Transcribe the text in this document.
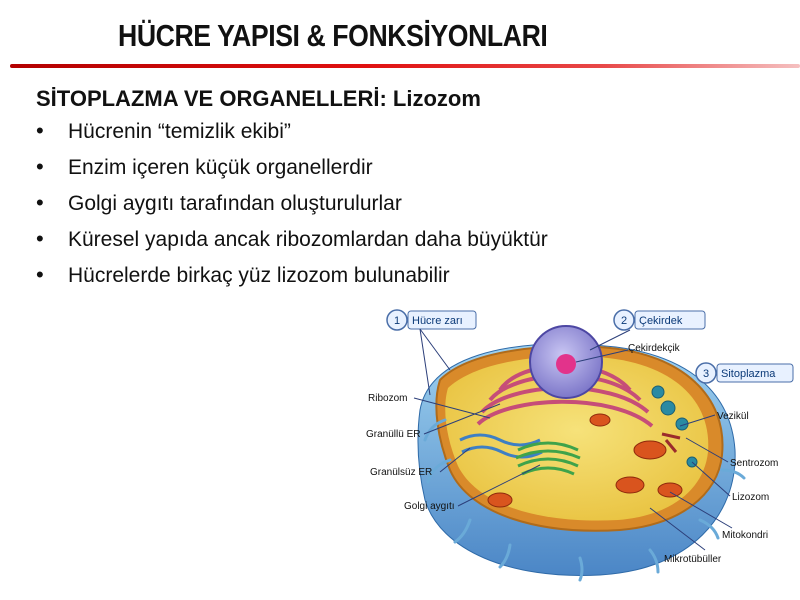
HÜCRE YAPISI & FONKSİYONLARI
SİTOPLAZMA VE ORGANELLERİ: Lizozom
•	Hücrenin “temizlik ekibi”
•	Enzim içeren küçük organellerdir
•	Golgi aygıtı tarafından oluşturulurlar
•	Küresel yapıda ancak ribozomlardan daha büyüktür
•	Hücrelerde birkaç yüz lizozom bulunabilir
1 Hücre zarı	2 Çekirdek
3 Sitoplazma
Çekirdekçik
Ribozom
Granüllü ER
Granülsüz ER
Golgi aygıtı
Vezikül
Sentrozom
Lizozom
Mitokondri
Mikrotübüller
